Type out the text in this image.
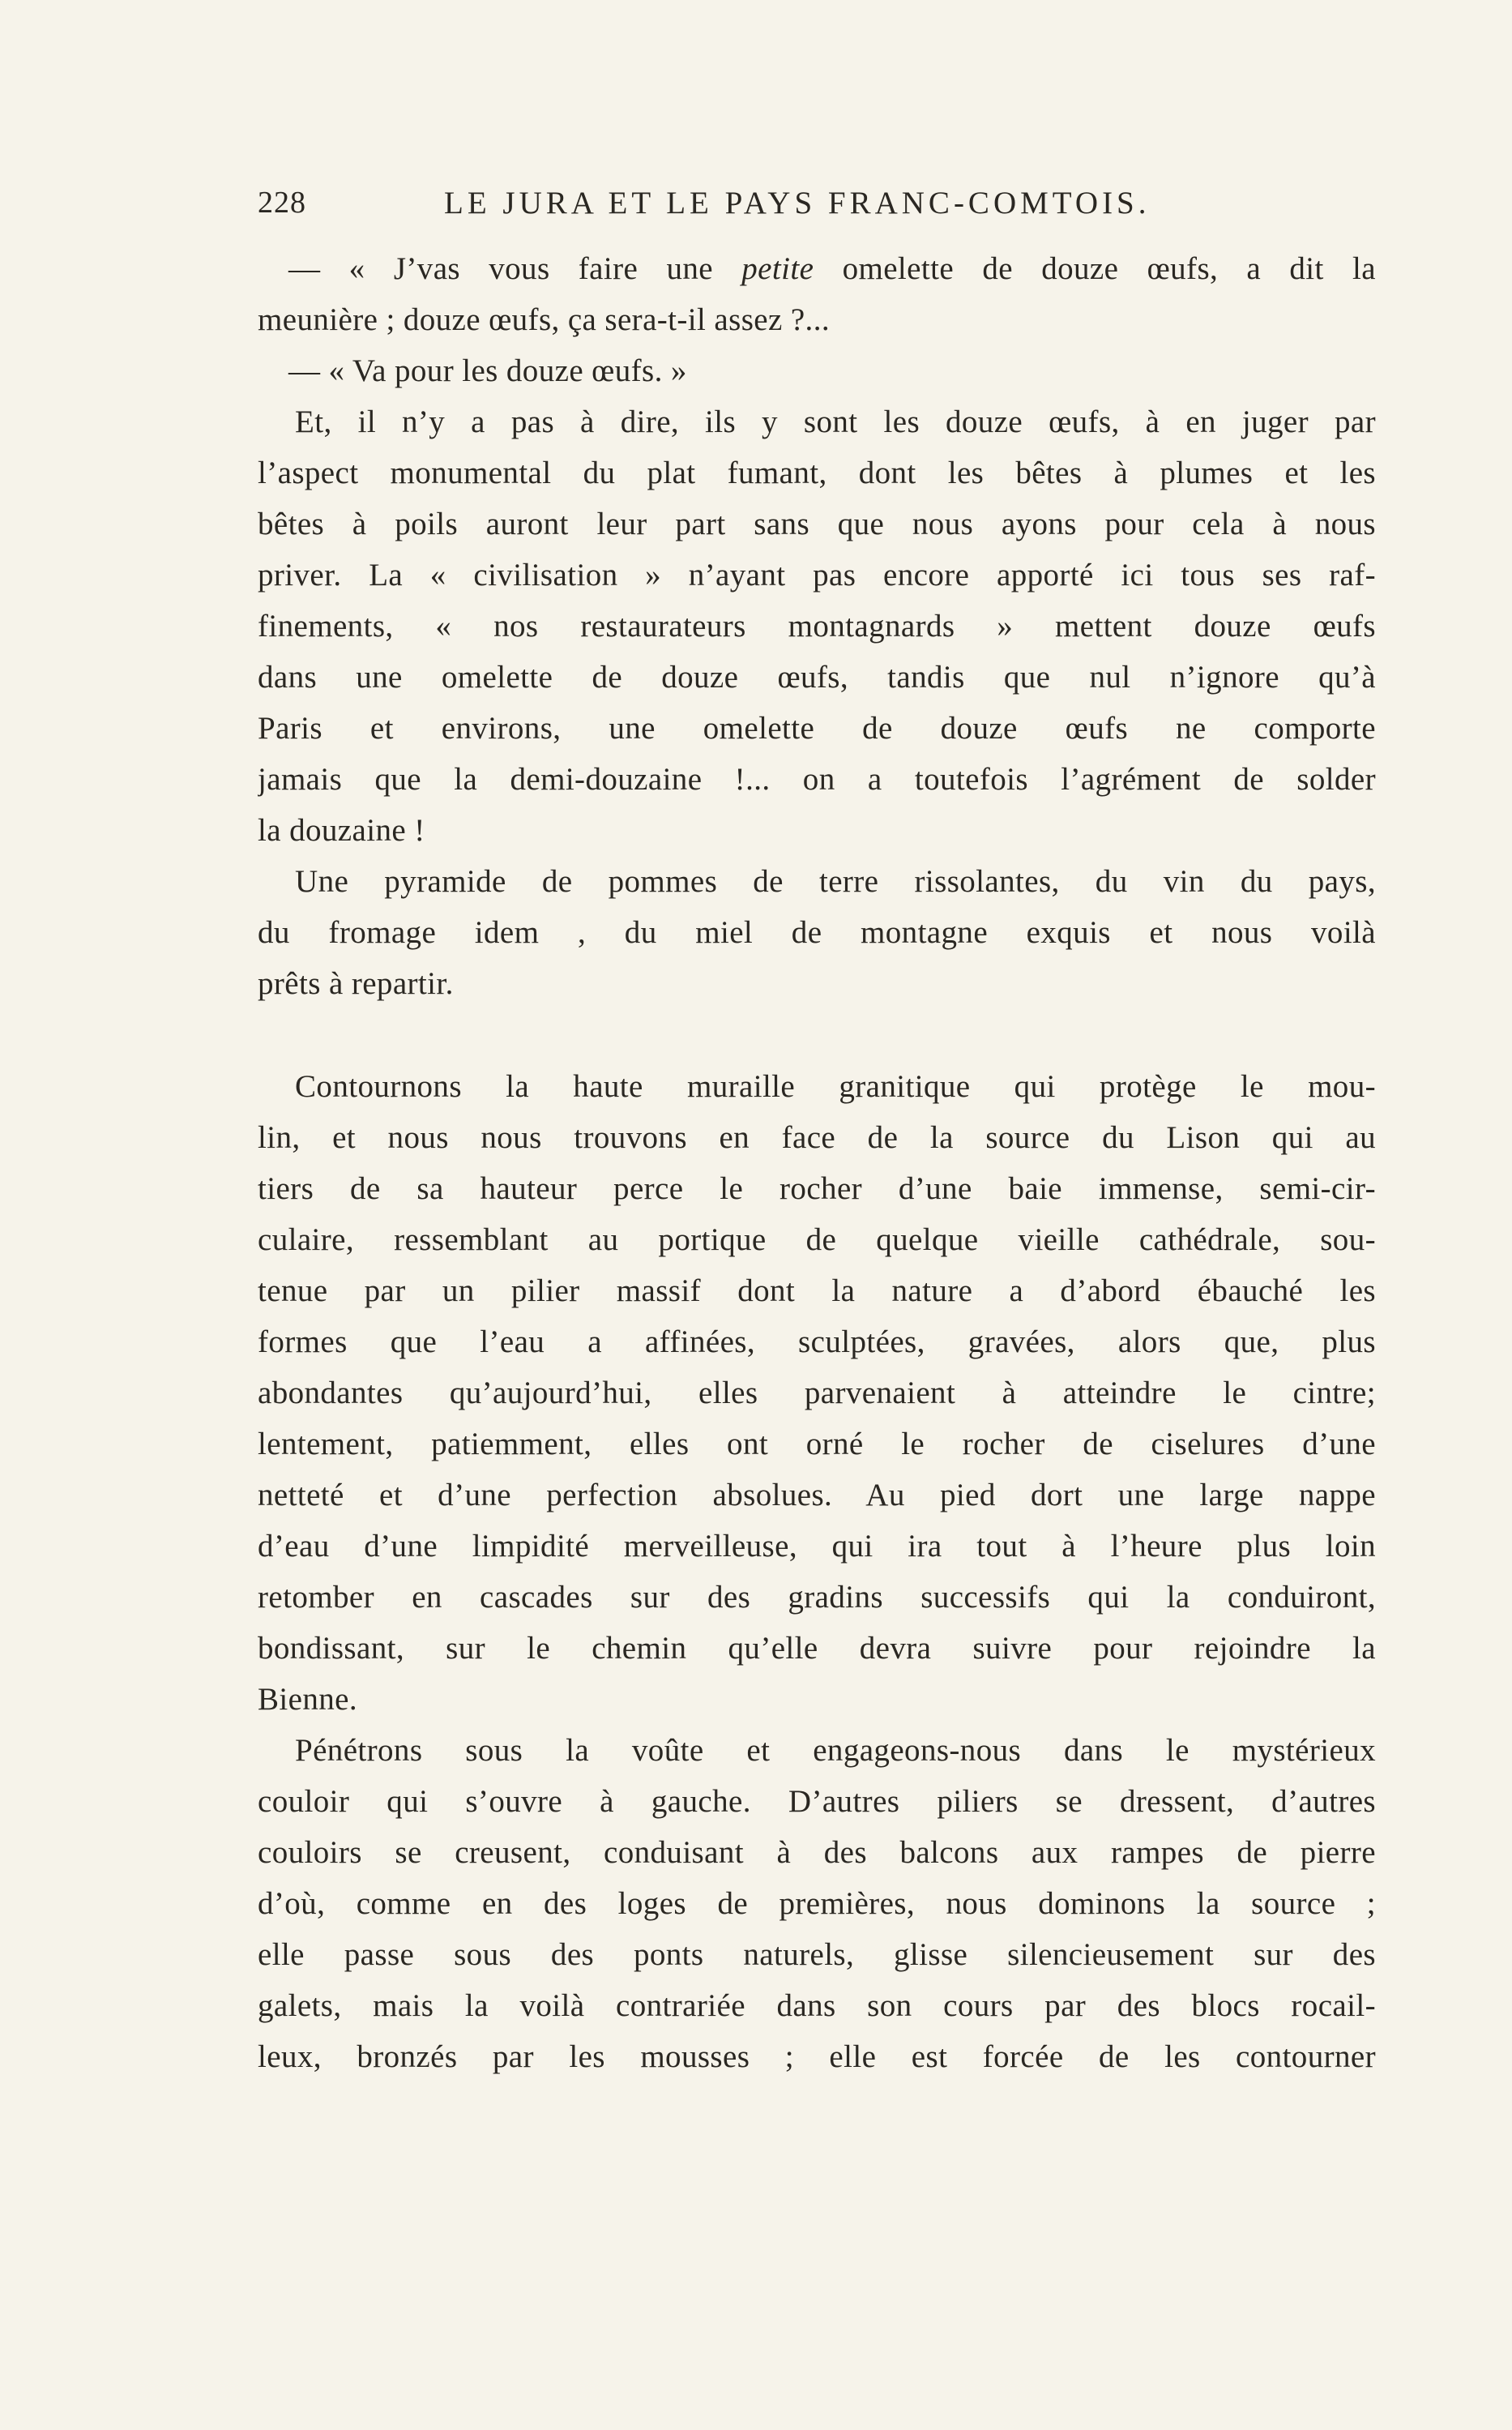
228	LE JURA ET LE PAYS FRANC-COMTOIS.
— « J’vas vous faire une petite omelette de douze œufs, a dit la
meunière ; douze œufs, ça sera-t-il assez ?...
— « Va pour les douze œufs. »
Et, il n’y a pas à dire, ils y sont les douze œufs, à en juger par
l’aspect monumental du plat fumant, dont les bêtes à plumes et les
bêtes à poils auront leur part sans que nous ayons pour cela à nous
priver. La « civilisation » n’ayant pas encore apporté ici tous ses raf-
finements, « nos restaurateurs montagnards » mettent douze œufs
dans une omelette de douze œufs, tandis que nul n’ignore qu’à
Paris et environs, une omelette de douze œufs ne comporte
jamais que la demi-douzaine !... on a toutefois l’agrément de solder
la douzaine !
Une pyramide de pommes de terre rissolantes, du vin du pays,
du fromage idem , du miel de montagne exquis et nous voilà
prêts à repartir.
Contournons la haute muraille granitique qui protège le mou-
lin, et nous nous trouvons en face de la source du Lison qui au
tiers de sa hauteur perce le rocher d’une baie immense, semi-cir-
culaire, ressemblant au portique de quelque vieille cathédrale, sou-
tenue par un pilier massif dont la nature a d’abord ébauché les
formes que l’eau a affinées, sculptées, gravées, alors que, plus
abondantes qu’aujourd’hui, elles parvenaient à atteindre le cintre;
lentement, patiemment, elles ont orné le rocher de ciselures d’une
netteté et d’une perfection absolues. Au pied dort une large nappe
d’eau d’une limpidité merveilleuse, qui ira tout à l’heure plus loin
retomber en cascades sur des gradins successifs qui la conduiront,
bondissant, sur le chemin qu’elle devra suivre pour rejoindre la
Bienne.
Pénétrons sous la voûte et engageons-nous dans le mystérieux
couloir qui s’ouvre à gauche. D’autres piliers se dressent, d’autres
couloirs se creusent, conduisant à des balcons aux rampes de pierre
d’où, comme en des loges de premières, nous dominons la source ;
elle passe sous des ponts naturels, glisse silencieusement sur des
galets, mais la voilà contrariée dans son cours par des blocs rocail-
leux, bronzés par les mousses ; elle est forcée de les contourner
